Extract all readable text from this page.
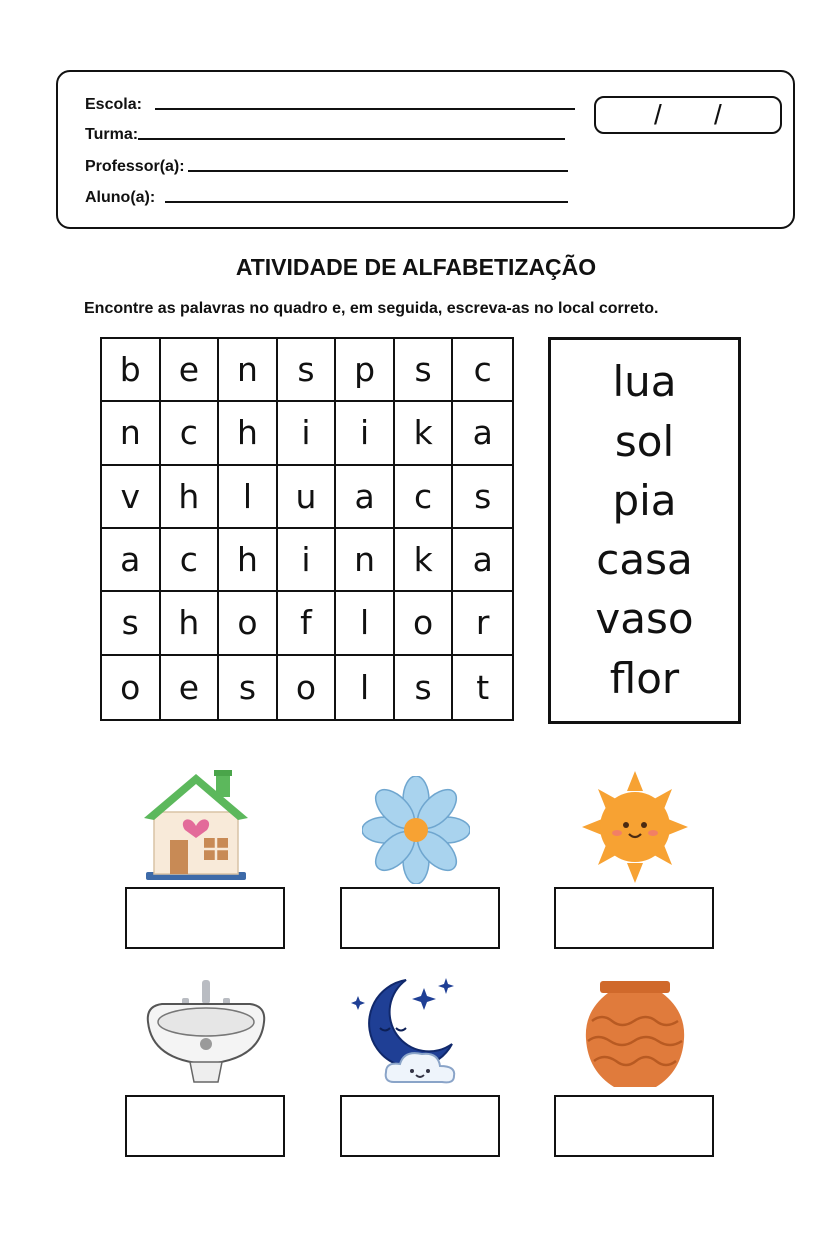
Escola:
Turma:
Professor(a):
Aluno(a):
/ /
ATIVIDADE DE ALFABETIZAÇÃO
Encontre as palavras no quadro e, em seguida, escreva-as no local correto.
b	e	n	s	p	s	c
n	c	h	i	i	k	a
v	h	l	u	a	c	s
a	c	h	i	n	k	a
s	h	o	f	l	o	r
o	e	s	o	l	s	t
lua
sol
pia
casa
vaso
flor
